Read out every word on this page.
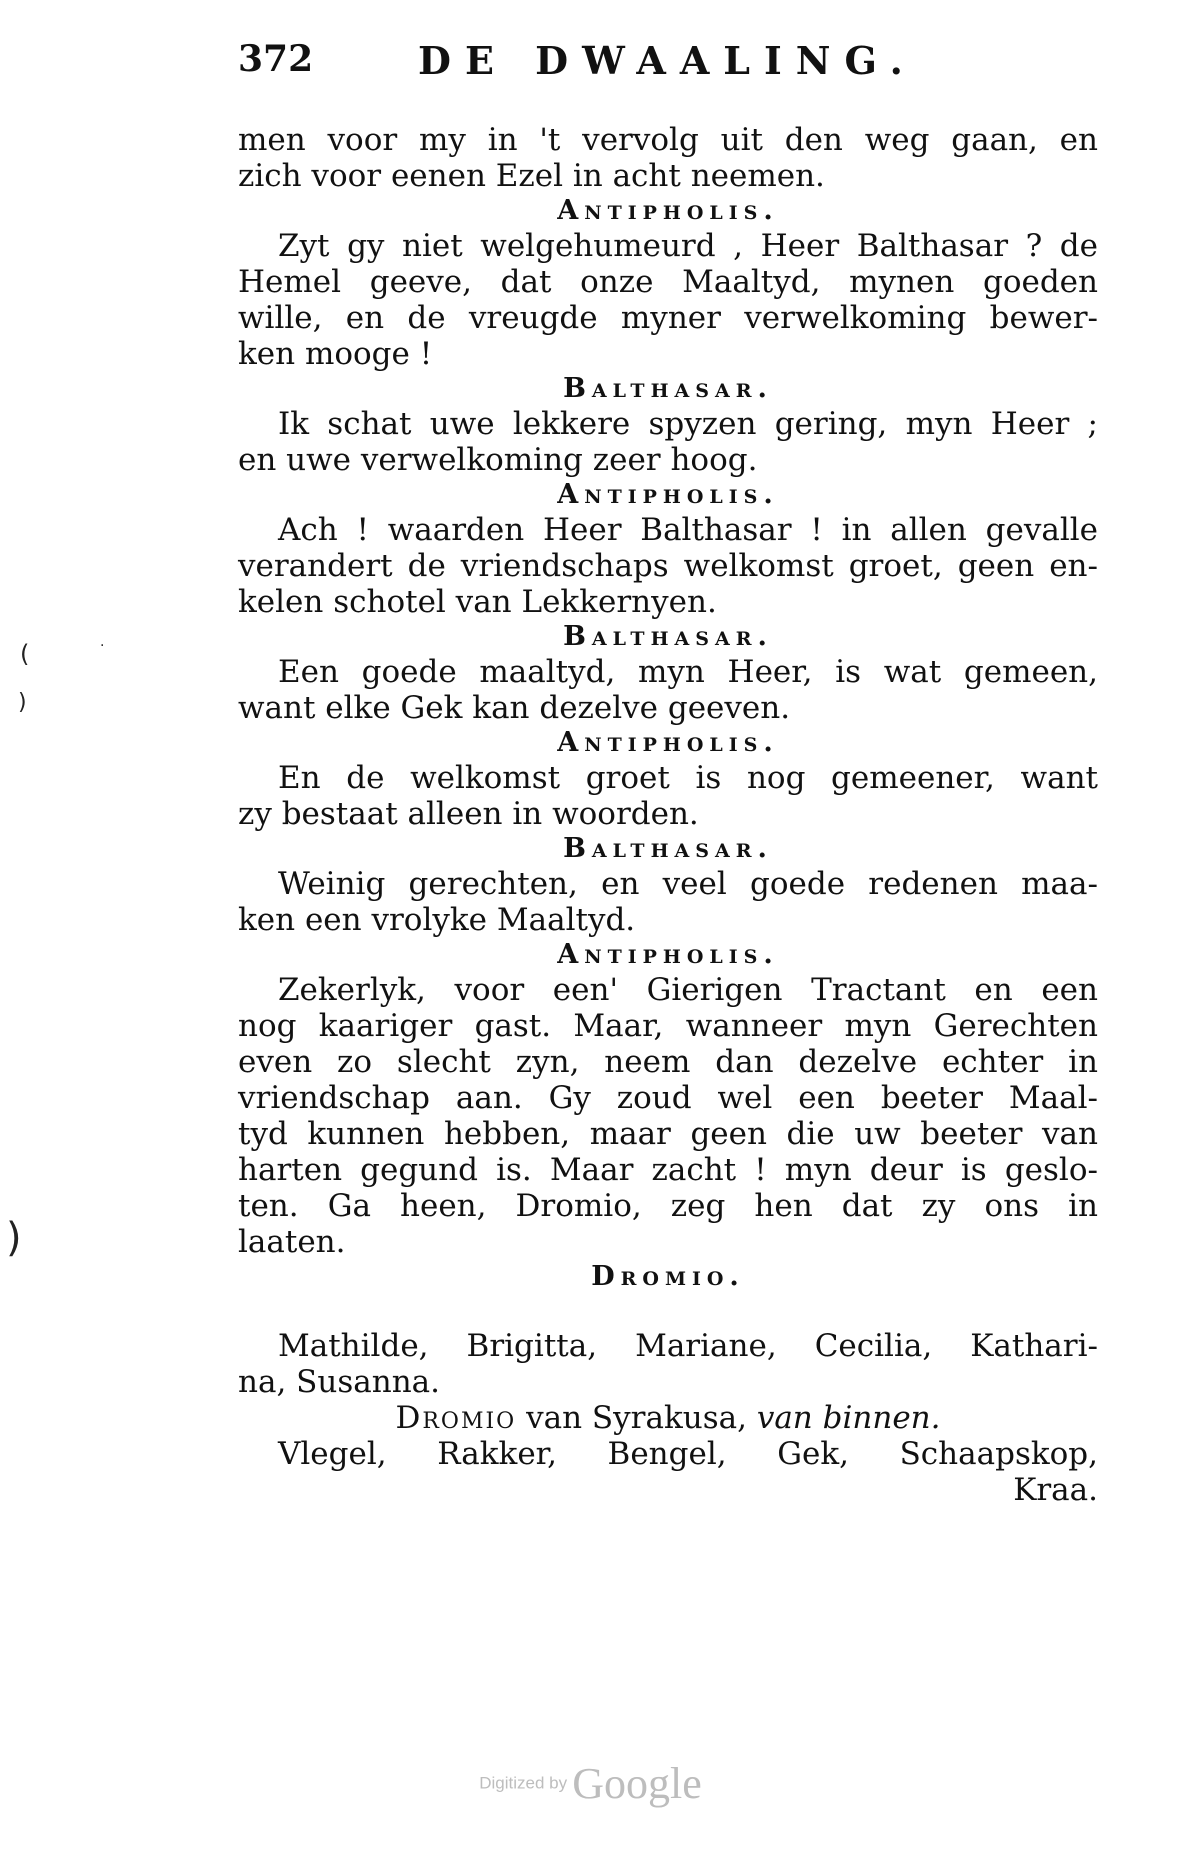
372	DE DWAALING.
men voor my in 't vervolg uit den weg gaan, en
zich voor eenen Ezel in acht neemen.
Antipholis.
Zyt gy niet welgehumeurd , Heer Balthasar ? de
Hemel geeve, dat onze Maaltyd, mynen goeden
wille, en de vreugde myner verwelkoming bewer-
ken mooge !
Balthasar.
Ik schat uwe lekkere spyzen gering, myn Heer ;
en uwe verwelkoming zeer hoog.
Antipholis.
Ach ! waarden Heer Balthasar ! in allen gevalle
verandert de vriendschaps welkomst groet, geen en-
kelen schotel van Lekkernyen.
Balthasar.
Een goede maaltyd, myn Heer, is wat gemeen,
want elke Gek kan dezelve geeven.
Antipholis.
En de welkomst groet is nog gemeener, want
zy bestaat alleen in woorden.
Balthasar.
Weinig gerechten, en veel goede redenen maa-
ken een vrolyke Maaltyd.
Antipholis.
Zekerlyk, voor een' Gierigen Tractant en een
nog kaariger gast. Maar, wanneer myn Gerechten
even zo slecht zyn, neem dan dezelve echter in
vriendschap aan. Gy zoud wel een beeter Maal-
tyd kunnen hebben, maar geen die uw beeter van
harten gegund is. Maar zacht ! myn deur is geslo-
ten. Ga heen, Dromio, zeg hen dat zy ons in
laaten.
Dromio.
Mathilde, Brigitta, Mariane, Cecilia, Kathari-
na, Susanna.
Dromio van Syrakusa, van binnen.
Vlegel, Rakker, Bengel, Gek, Schaapskop,
Kraa.
(
)
)
·
Digitized by Google
